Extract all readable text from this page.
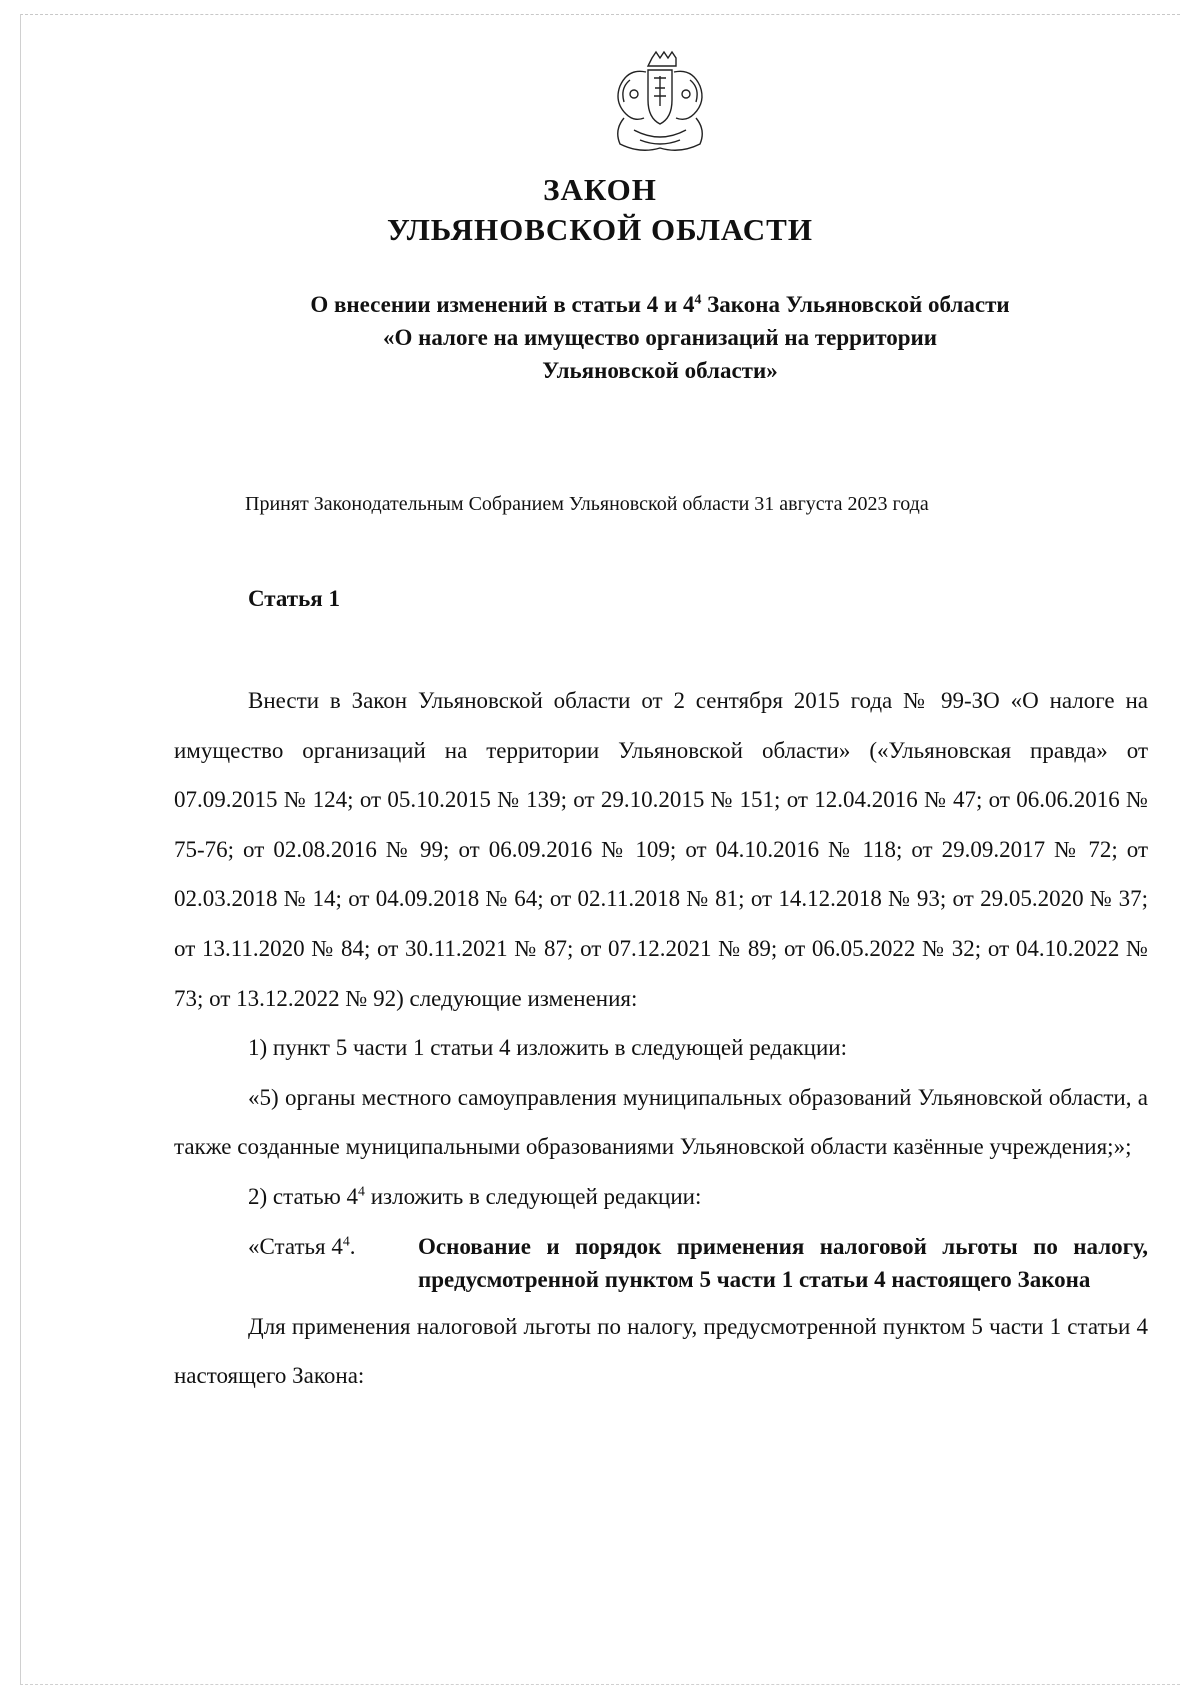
ЗАКОН
УЛЬЯНОВСКОЙ ОБЛАСТИ
О внесении изменений в статьи 4 и $4^4$ Закона Ульяновской области
«О налоге на имущество организаций на территории
Ульяновской области»
Принят Законодательным Собранием Ульяновской области 31 августа 2023 года
Статья 1

Внести в Закон Ульяновской области от 2 сентября 2015 года № 99-ЗО «О налоге на имущество организаций на территории Ульяновской области» («Ульяновская правда» от 07.09.2015 № 124; от 05.10.2015 № 139; от 29.10.2015 № 151; от 12.04.2016 № 47; от 06.06.2016 № 75-76; от 02.08.2016 № 99; от 06.09.2016 № 109; от 04.10.2016 № 118; от 29.09.2017 № 72; от 02.03.2018 № 14; от 04.09.2018 № 64; от 02.11.2018 № 81; от 14.12.2018 № 93; от 29.05.2020 № 37; от 13.11.2020 № 84; от 30.11.2021 № 87; от 07.12.2021 № 89; от 06.05.2022 № 32; от 04.10.2022 № 73; от 13.12.2022 № 92) следующие изменения:

1) пункт 5 части 1 статьи 4 изложить в следующей редакции:

«5) органы местного самоуправления муниципальных образований Ульяновской области, а также созданные муниципальными образованиями Ульяновской области казённые учреждения;»;

2) статью $4^4$ изложить в следующей редакции:

«Статья $4^4$.	Основание и порядок применения налоговой льготы по налогу, предусмотренной пунктом 5 части 1 статьи 4 настоящего Закона

Для применения налоговой льготы по налогу, предусмотренной пунктом 5 части 1 статьи 4 настоящего Закона:
